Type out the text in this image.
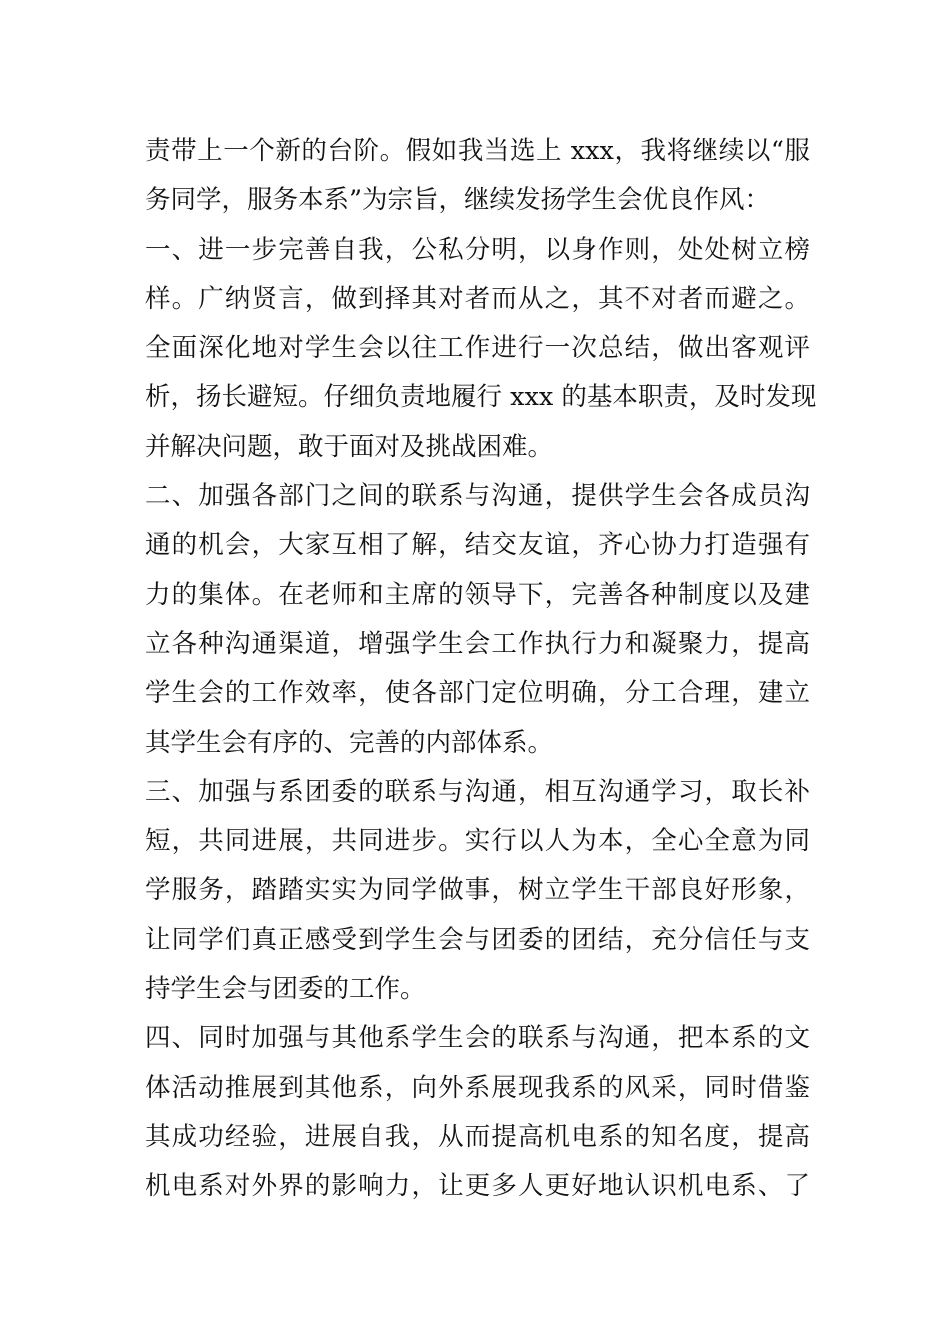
责带上一个新的台阶。假如我当选上 xxx，我将继续以“服
务同学，服务本系”为宗旨，继续发扬学生会优良作风：
一、进一步完善自我，公私分明，以身作则，处处树立榜
样。广纳贤言，做到择其对者而从之，其不对者而避之。
全面深化地对学生会以往工作进行一次总结，做出客观评
析，扬长避短。仔细负责地履行 xxx 的基本职责，及时发现
并解决问题，敢于面对及挑战困难。
二、加强各部门之间的联系与沟通，提供学生会各成员沟
通的机会，大家互相了解，结交友谊，齐心协力打造强有
力的集体。在老师和主席的领导下，完善各种制度以及建
立各种沟通渠道，增强学生会工作执行力和凝聚力，提高
学生会的工作效率，使各部门定位明确，分工合理，建立
其学生会有序的、完善的内部体系。
三、加强与系团委的联系与沟通，相互沟通学习，取长补
短，共同进展，共同进步。实行以人为本，全心全意为同
学服务，踏踏实实为同学做事，树立学生干部良好形象，
让同学们真正感受到学生会与团委的团结，充分信任与支
持学生会与团委的工作。
四、同时加强与其他系学生会的联系与沟通，把本系的文
体活动推展到其他系，向外系展现我系的风采，同时借鉴
其成功经验，进展自我，从而提高机电系的知名度，提高
机电系对外界的影响力，让更多人更好地认识机电系、了
